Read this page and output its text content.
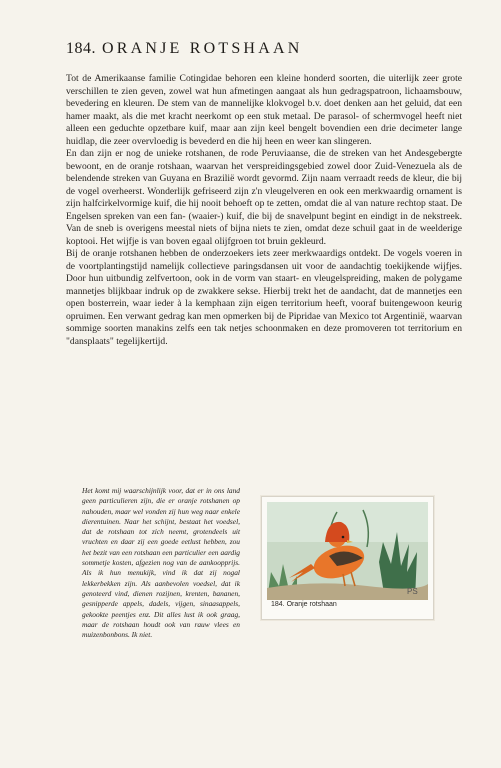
184. ORANJE ROTSHAAN

Tot de Amerikaanse familie Cotingidae behoren een kleine honderd soorten, die uiterlijk zeer grote verschillen te zien geven, zowel wat hun afmetingen aangaat als hun gedragspatroon, lichaamsbouw, bevedering en kleuren. De stem van de mannelijke klokvogel b.v. doet denken aan het geluid, dat een hamer maakt, als die met kracht neerkomt op een stuk metaal. De parasol- of schermvogel heeft niet alleen een geduchte opzetbare kuif, maar aan zijn keel bengelt bovendien een drie decimeter lange huidlap, die zeer overvloedig is bevederd en die hij heen en weer kan slingeren.

En dan zijn er nog de unieke rotshanen, de rode Peruviaanse, die de streken van het Andesgebergte bewoont, en de oranje rotshaan, waarvan het verspreidingsgebied zowel door Zuid-Venezuela als de belendende streken van Guyana en Brazilië wordt gevormd. Zijn naam verraadt reeds de kleur, die bij de vogel overheerst. Wonderlijk gefriseerd zijn z'n vleugelveren en ook een merkwaardig ornament is zijn halfcirkelvormige kuif, die hij nooit behoeft op te zetten, omdat die al van nature rechtop staat. De Engelsen spreken van een fan- (waaier-) kuif, die bij de snavelpunt begint en eindigt in de nekstreek. Van de sneb is overigens meestal niets of bijna niets te zien, omdat deze schuil gaat in de weelderige koptooi. Het wijfje is van boven egaal olijfgroen tot bruin gekleurd.

Bij de oranje rotshanen hebben de onderzoekers iets zeer merkwaardigs ontdekt. De vogels voeren in de voortplantingstijd namelijk collectieve paringsdansen uit voor de aandachtig toekijkende wijfjes. Door hun uitbundig zelfvertoon, ook in de vorm van staart- en vleugelspreiding, maken de polygame mannetjes blijkbaar indruk op de zwakkere sekse. Hierbij trekt het de aandacht, dat de mannetjes een open bosterrein, waar ieder à la kemphaan zijn eigen territorium heeft, vooraf buitengewoon keurig opruimen. Een verwant gedrag kan men opmerken bij de Pipridae van Mexico tot Argentinië, waarvan sommige soorten manakins zelfs een tak netjes schoonmaken en deze promoveren tot territorium en "dansplaats" tegelijkertijd.

Het komt mij waarschijnlijk voor, dat er in ons land geen particulieren zijn, die er oranje rotshanen op nahouden, maar wel vonden zij hun weg naar enkele dierentuinen. Naar het schijnt, bestaat het voedsel, dat de rotshaan tot zich neemt, grotendeels uit vruchten en daar zij een goede eetlust hebben, zou het bezit van een rotshaan een particulier een aardig sommetje kosten, afgezien nog van de aankoopprijs. Als ik hun menukijk, vind ik dat zij nogal lekkerbekken zijn. Als aanbevolen voedsel, dat ik genoteerd vind, dienen rozijnen, krenten, bananen, gesnipperde appels, dadels, vijgen, sinaasappels, gekookte peentjes enz. Dit alles lust ik ook graag, maar de rotshaan houdt ook van rauw vlees en muizenbonbons. Ik niet.
PS
184. Oranje rotshaan
